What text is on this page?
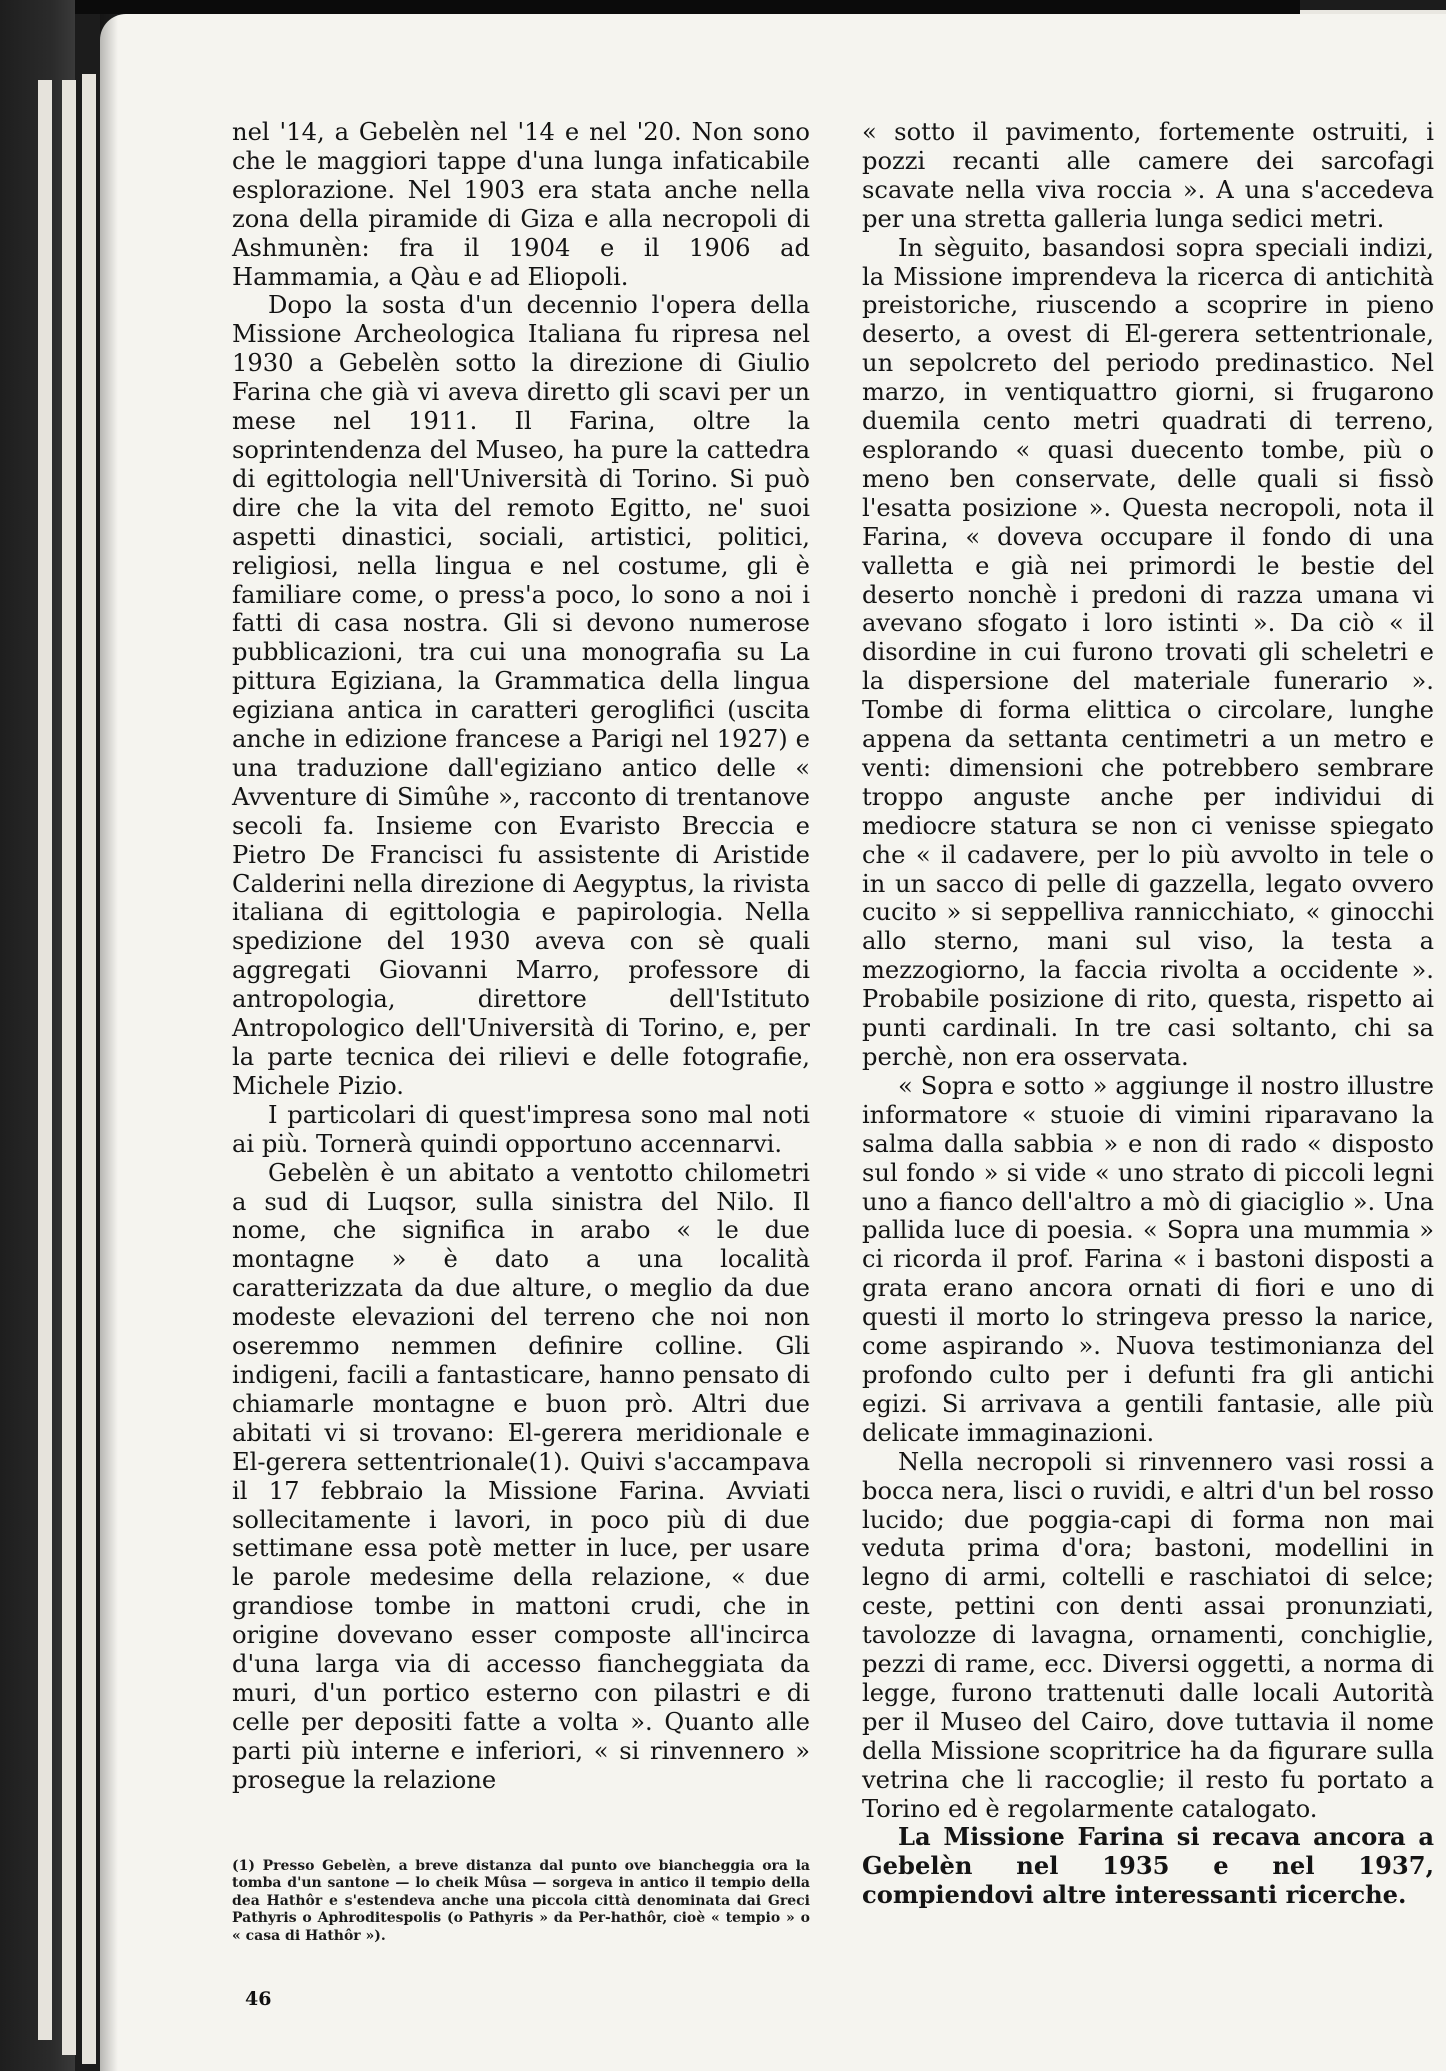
nel '14, a Gebelèn nel '14 e nel '20. Non sono che le maggiori tappe d'una lunga infaticabile esplorazione. Nel 1903 era stata anche nella zona della piramide di Giza e alla necropoli di Ashmunèn: fra il 1904 e il 1906 ad Hammamia, a Qàu e ad Eliopoli.

Dopo la sosta d'un decennio l'opera della Missione Archeologica Italiana fu ripresa nel 1930 a Gebelèn sotto la direzione di Giulio Farina che già vi aveva diretto gli scavi per un mese nel 1911. Il Farina, oltre la soprintendenza del Museo, ha pure la cattedra di egittologia nell'Università di Torino. Si può dire che la vita del remoto Egitto, ne' suoi aspetti dinastici, sociali, artistici, politici, religiosi, nella lingua e nel costume, gli è familiare come, o press'a poco, lo sono a noi i fatti di casa nostra. Gli si devono numerose pubblicazioni, tra cui una monografia su La pittura Egiziana, la Grammatica della lingua egiziana antica in caratteri geroglifici (uscita anche in edizione francese a Parigi nel 1927) e una traduzione dall'egiziano antico delle « Avventure di Simûhe », racconto di trentanove secoli fa. Insieme con Evaristo Breccia e Pietro De Francisci fu assistente di Aristide Calderini nella direzione di Aegyptus, la rivista italiana di egittologia e papirologia. Nella spedizione del 1930 aveva con sè quali aggregati Giovanni Marro, professore di antropologia, direttore dell'Istituto Antropologico dell'Università di Torino, e, per la parte tecnica dei rilievi e delle fotografie, Michele Pizio.

I particolari di quest'impresa sono mal noti ai più. Tornerà quindi opportuno accennarvi.

Gebelèn è un abitato a ventotto chilometri a sud di Luqsor, sulla sinistra del Nilo. Il nome, che significa in arabo « le due montagne » è dato a una località caratterizzata da due alture, o meglio da due modeste elevazioni del terreno che noi non oseremmo nemmen definire colline. Gli indigeni, facili a fantasticare, hanno pensato di chiamarle montagne e buon prò. Altri due abitati vi si trovano: El-gerera meridionale e El-gerera settentrionale(1). Quivi s'accampava il 17 febbraio la Missione Farina. Avviati sollecitamente i lavori, in poco più di due settimane essa potè metter in luce, per usare le parole medesime della relazione, « due grandiose tombe in mattoni crudi, che in origine dovevano esser composte all'incirca d'una larga via di accesso fiancheggiata da muri, d'un portico esterno con pilastri e di celle per depositi fatte a volta ». Quanto alle parti più interne e inferiori, « si rinvennero » prosegue la relazione

« sotto il pavimento, fortemente ostruiti, i pozzi recanti alle camere dei sarcofagi scavate nella viva roccia ». A una s'accedeva per una stretta galleria lunga sedici metri.

In sèguito, basandosi sopra speciali indizi, la Missione imprendeva la ricerca di antichità preistoriche, riuscendo a scoprire in pieno deserto, a ovest di El-gerera settentrionale, un sepolcreto del periodo predinastico. Nel marzo, in ventiquattro giorni, si frugarono duemila cento metri quadrati di terreno, esplorando « quasi duecento tombe, più o meno ben conservate, delle quali si fissò l'esatta posizione ». Questa necropoli, nota il Farina, « doveva occupare il fondo di una valletta e già nei primordi le bestie del deserto nonchè i predoni di razza umana vi avevano sfogato i loro istinti ». Da ciò « il disordine in cui furono trovati gli scheletri e la dispersione del materiale funerario ». Tombe di forma elittica o circolare, lunghe appena da settanta centimetri a un metro e venti: dimensioni che potrebbero sembrare troppo anguste anche per individui di mediocre statura se non ci venisse spiegato che « il cadavere, per lo più avvolto in tele o in un sacco di pelle di gazzella, legato ovvero cucito » si seppelliva rannicchiato, « ginocchi allo sterno, mani sul viso, la testa a mezzogiorno, la faccia rivolta a occidente ». Probabile posizione di rito, questa, rispetto ai punti cardinali. In tre casi soltanto, chi sa perchè, non era osservata.

« Sopra e sotto » aggiunge il nostro illustre informatore « stuoie di vimini riparavano la salma dalla sabbia » e non di rado « disposto sul fondo » si vide « uno strato di piccoli legni uno a fianco dell'altro a mò di giaciglio ». Una pallida luce di poesia. « Sopra una mummia » ci ricorda il prof. Farina « i bastoni disposti a grata erano ancora ornati di fiori e uno di questi il morto lo stringeva presso la narice, come aspirando ». Nuova testimonianza del profondo culto per i defunti fra gli antichi egizi. Si arrivava a gentili fantasie, alle più delicate immaginazioni.

Nella necropoli si rinvennero vasi rossi a bocca nera, lisci o ruvidi, e altri d'un bel rosso lucido; due poggia-capi di forma non mai veduta prima d'ora; bastoni, modellini in legno di armi, coltelli e raschiatoi di selce; ceste, pettini con denti assai pronunziati, tavolozze di lavagna, ornamenti, conchiglie, pezzi di rame, ecc. Diversi oggetti, a norma di legge, furono trattenuti dalle locali Autorità per il Museo del Cairo, dove tuttavia il nome della Missione scopritrice ha da figurare sulla vetrina che li raccoglie; il resto fu portato a Torino ed è regolarmente catalogato.

La Missione Farina si recava ancora a Gebelèn nel 1935 e nel 1937, compiendovi altre interessanti ricerche.

(1) Presso Gebelèn, a breve distanza dal punto ove biancheggia ora la tomba d'un santone — lo cheik Mûsa — sorgeva in antico il tempio della dea Hathôr e s'estendeva anche una piccola città denominata dai Greci Pathyris o Aphroditespolis (o Pathyris » da Per-hathôr, cioè « tempio » o « casa di Hathôr »).
46
